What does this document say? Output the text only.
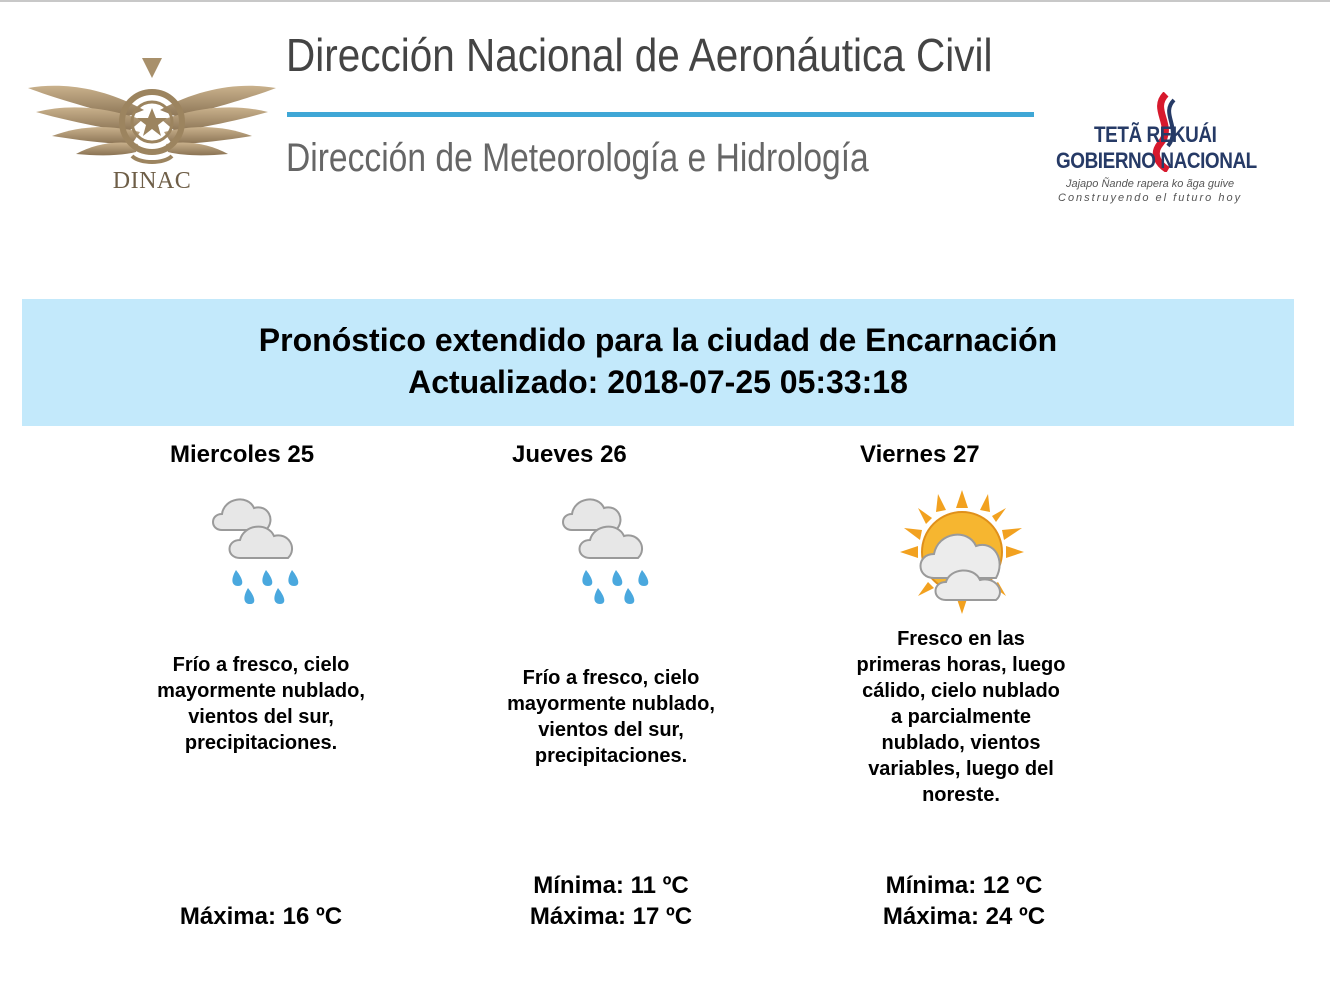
DINAC
Dirección Nacional de Aeronáutica Civil
Dirección de Meteorología e Hidrología
TETÃ REKUÁI
GOBIERNO NACIONAL
Jajapo Ñande rapera ko ãga guive
Construyendo el futuro hoy
Pronóstico extendido para la ciudad de Encarnación
Actualizado: 2018-07-25 05:33:18
Miercoles 25
Frío a fresco, cielo mayormente nublado, vientos del sur, precipitaciones.
Máxima: 16 ºC
Jueves 26
Frío a fresco, cielo mayormente nublado, vientos del sur, precipitaciones.
Mínima: 11 ºC
Máxima: 17 ºC
Viernes 27
Fresco en las primeras horas, luego cálido, cielo nublado a parcialmente nublado, vientos variables, luego del noreste.
Mínima: 12 ºC
Máxima: 24 ºC
